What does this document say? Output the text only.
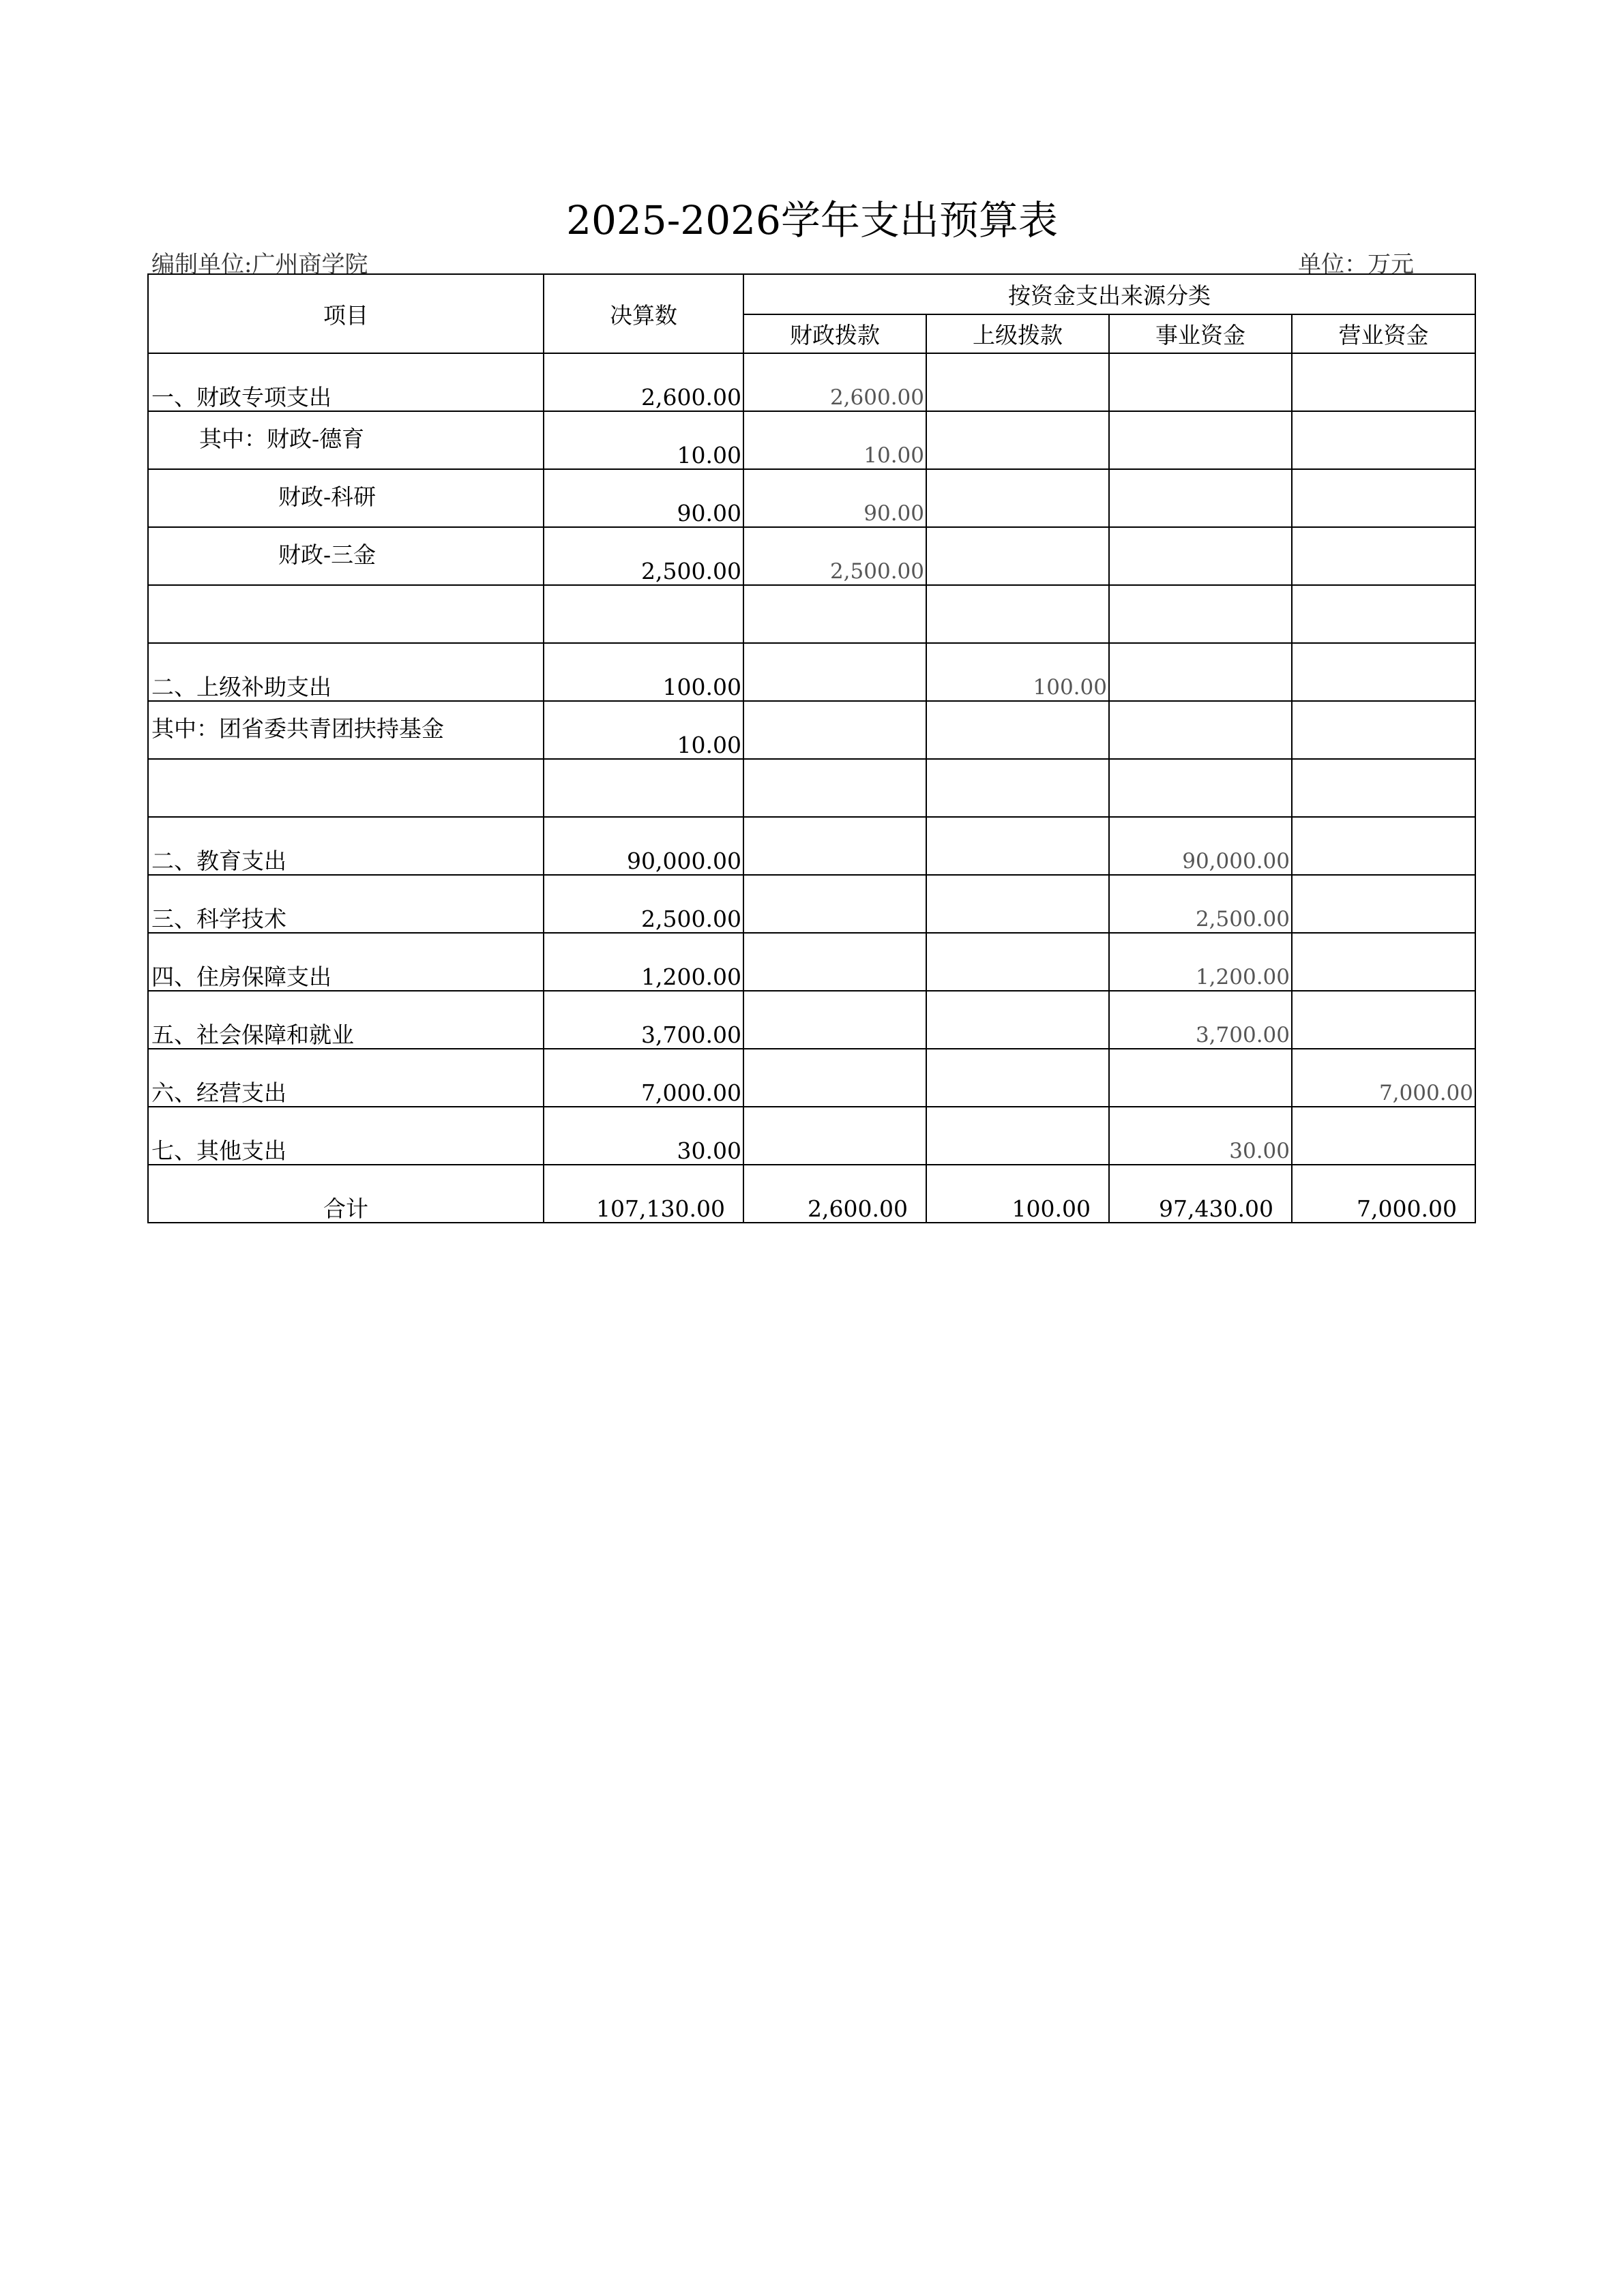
2025-2026学年支出预算表
编制单位:广州商学院	单位：万元
项目	决算数	按资金支出来源分类			
		财政拨款	上级拨款	事业资金	营业资金

一、财政专项支出	2,600.00	2,600.00			

其中：财政-德育	10.00	10.00			

财政-科研	90.00	90.00			

财政-三金	2,500.00	2,500.00			

二、上级补助支出	100.00		100.00		

其中：团省委共青团扶持基金	10.00				

二、教育支出	90,000.00			90,000.00	

三、科学技术	2,500.00			2,500.00	

四、住房保障支出	1,200.00			1,200.00	

五、社会保障和就业	3,700.00			3,700.00	

六、经营支出	7,000.00				7,000.00

七、其他支出	30.00			30.00	
合计	107,130.00	2,600.00	100.00	97,430.00	7,000.00
